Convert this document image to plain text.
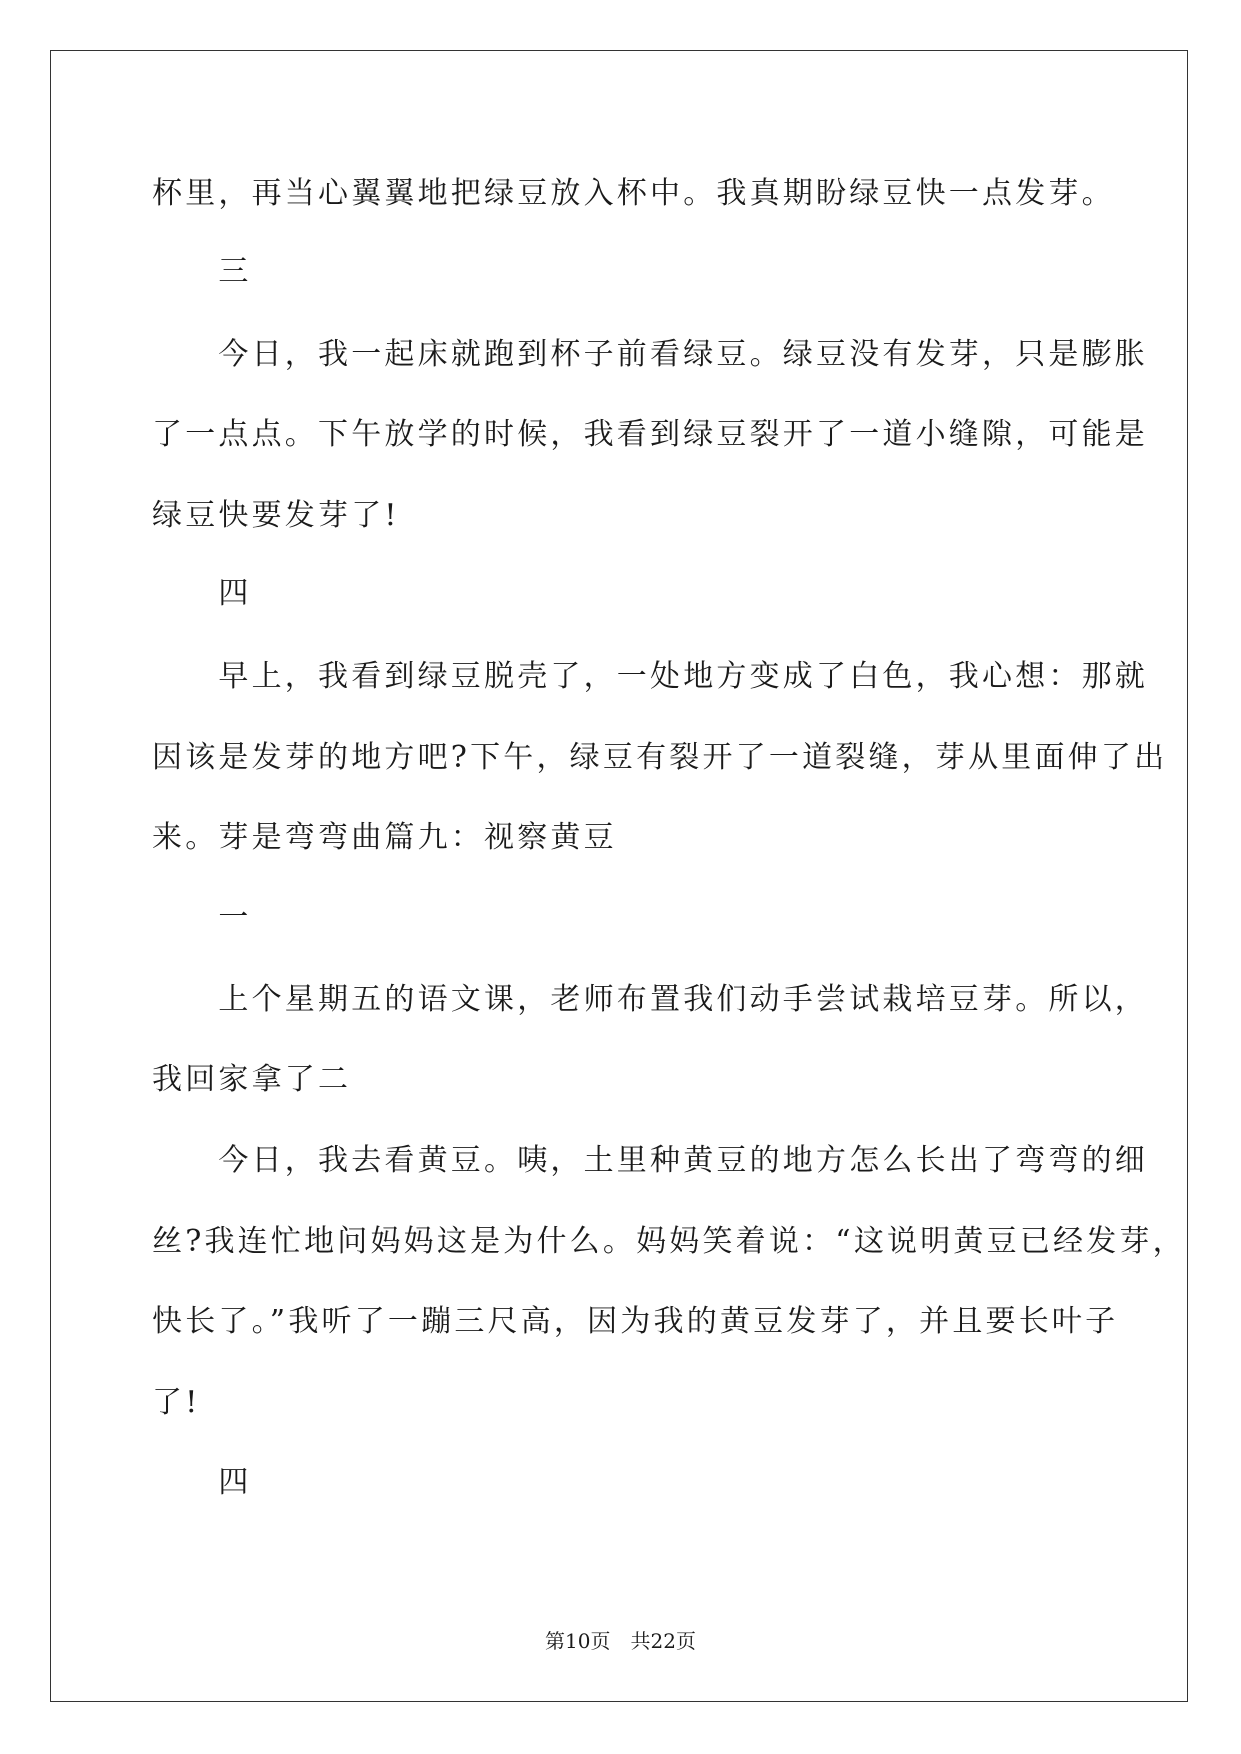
杯里，再当心翼翼地把绿豆放入杯中。我真期盼绿豆快一点发芽。

　　三

　　今日，我一起床就跑到杯子前看绿豆。绿豆没有发芽，只是膨胀

了一点点。下午放学的时候，我看到绿豆裂开了一道小缝隙，可能是

绿豆快要发芽了!

　　四

　　早上，我看到绿豆脱壳了，一处地方变成了白色，我心想：那就

因该是发芽的地方吧?下午，绿豆有裂开了一道裂缝，芽从里面伸了出

来。芽是弯弯曲篇九：视察黄豆

　　一

　　上个星期五的语文课，老师布置我们动手尝试栽培豆芽。所以，

我回家拿了二

　　今日，我去看黄豆。咦，土里种黄豆的地方怎么长出了弯弯的细

丝?我连忙地问妈妈这是为什么。妈妈笑着说：“这说明黄豆已经发芽，

快长了。”我听了一蹦三尺高，因为我的黄豆发芽了，并且要长叶子

了!

　　四

第10页　共22页
